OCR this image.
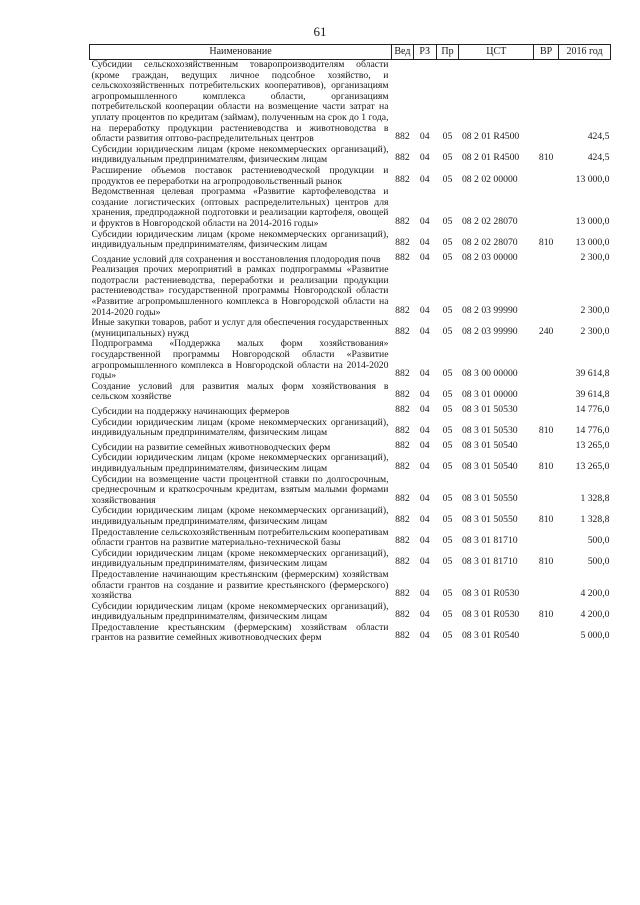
61
Наименование	Вед	РЗ	Пр	ЦСТ	ВР	2016 год
Субсидии сельскохозяйственным товаропроизводителям области (кроме граждан, ведущих личное подсобное хозяйство, и сельскохозяйственных потребительских кооперативов), организациям агропромышленного комплекса области, организациям потребительской кооперации области на возмещение части затрат на уплату процентов по кредитам (займам), полученным на срок до 1 года, на переработку продукции растениеводства и животноводства в области развития оптово-распределительных центров	882	04	05	08 2 01 R4500		424,5
Субсидии юридическим лицам (кроме некоммерческих организаций), индивидуальным предпринимателям, физическим лицам	882	04	05	08 2 01 R4500	810	424,5
Расширение объемов поставок растениеводческой продукции и продуктов ее переработки на агропродовольственный рынок	882	04	05	08 2 02 00000		13 000,0
Ведомственная целевая программа «Развитие картофелеводства и создание логистических (оптовых распределительных) центров для хранения, предпродажной подготовки и реализации картофеля, овощей и фруктов в Новгородской области на 2014-2016 годы»	882	04	05	08 2 02 28070		13 000,0
Субсидии юридическим лицам (кроме некоммерческих организаций), индивидуальным предпринимателям, физическим лицам	882	04	05	08 2 02 28070	810	13 000,0
Создание условий для сохранения и восстановления плодородия почв	882	04	05	08 2 03 00000		2 300,0
Реализация прочих мероприятий в рамках подпрограммы «Развитие подотрасли растениеводства, переработки и реализации продукции растениеводства» государственной программы Новгородской области «Развитие агропромышленного комплекса в Новгородской области на 2014-2020 годы»	882	04	05	08 2 03 99990		2 300,0
Иные закупки товаров, работ и услуг для обеспечения государственных (муниципальных) нужд	882	04	05	08 2 03 99990	240	2 300,0
Подпрограмма «Поддержка малых форм хозяйствования» государственной программы Новгородской области «Развитие агропромышленного комплекса в Новгородской области на 2014-2020 годы»	882	04	05	08 3 00 00000		39 614,8
Создание условий для развития малых форм хозяйствования в сельском хозяйстве	882	04	05	08 3 01 00000		39 614,8
Субсидии на поддержку начинающих фермеров	882	04	05	08 3 01 50530		14 776,0
Субсидии юридическим лицам (кроме некоммерческих организаций), индивидуальным предпринимателям, физическим лицам	882	04	05	08 3 01 50530	810	14 776,0
Субсидии на развитие семейных животноводческих ферм	882	04	05	08 3 01 50540		13 265,0
Субсидии юридическим лицам (кроме некоммерческих организаций), индивидуальным предпринимателям, физическим лицам	882	04	05	08 3 01 50540	810	13 265,0
Субсидии на возмещение части процентной ставки по долгосрочным, среднесрочным и краткосрочным кредитам, взятым малыми формами хозяйствования	882	04	05	08 3 01 50550		1 328,8
Субсидии юридическим лицам (кроме некоммерческих организаций), индивидуальным предпринимателям, физическим лицам	882	04	05	08 3 01 50550	810	1 328,8
Предоставление сельскохозяйственным потребительским кооперативам области грантов на развитие материально-технической базы	882	04	05	08 3 01 81710		500,0
Субсидии юридическим лицам (кроме некоммерческих организаций), индивидуальным предпринимателям, физическим лицам	882	04	05	08 3 01 81710	810	500,0
Предоставление начинающим крестьянским (фермерским) хозяйствам области грантов на создание и развитие крестьянского (фермерского) хозяйства	882	04	05	08 3 01 R0530		4 200,0
Субсидии юридическим лицам (кроме некоммерческих организаций), индивидуальным предпринимателям, физическим лицам	882	04	05	08 3 01 R0530	810	4 200,0
Предоставление крестьянским (фермерским) хозяйствам области грантов на развитие семейных животноводческих ферм	882	04	05	08 3 01 R0540		5 000,0
